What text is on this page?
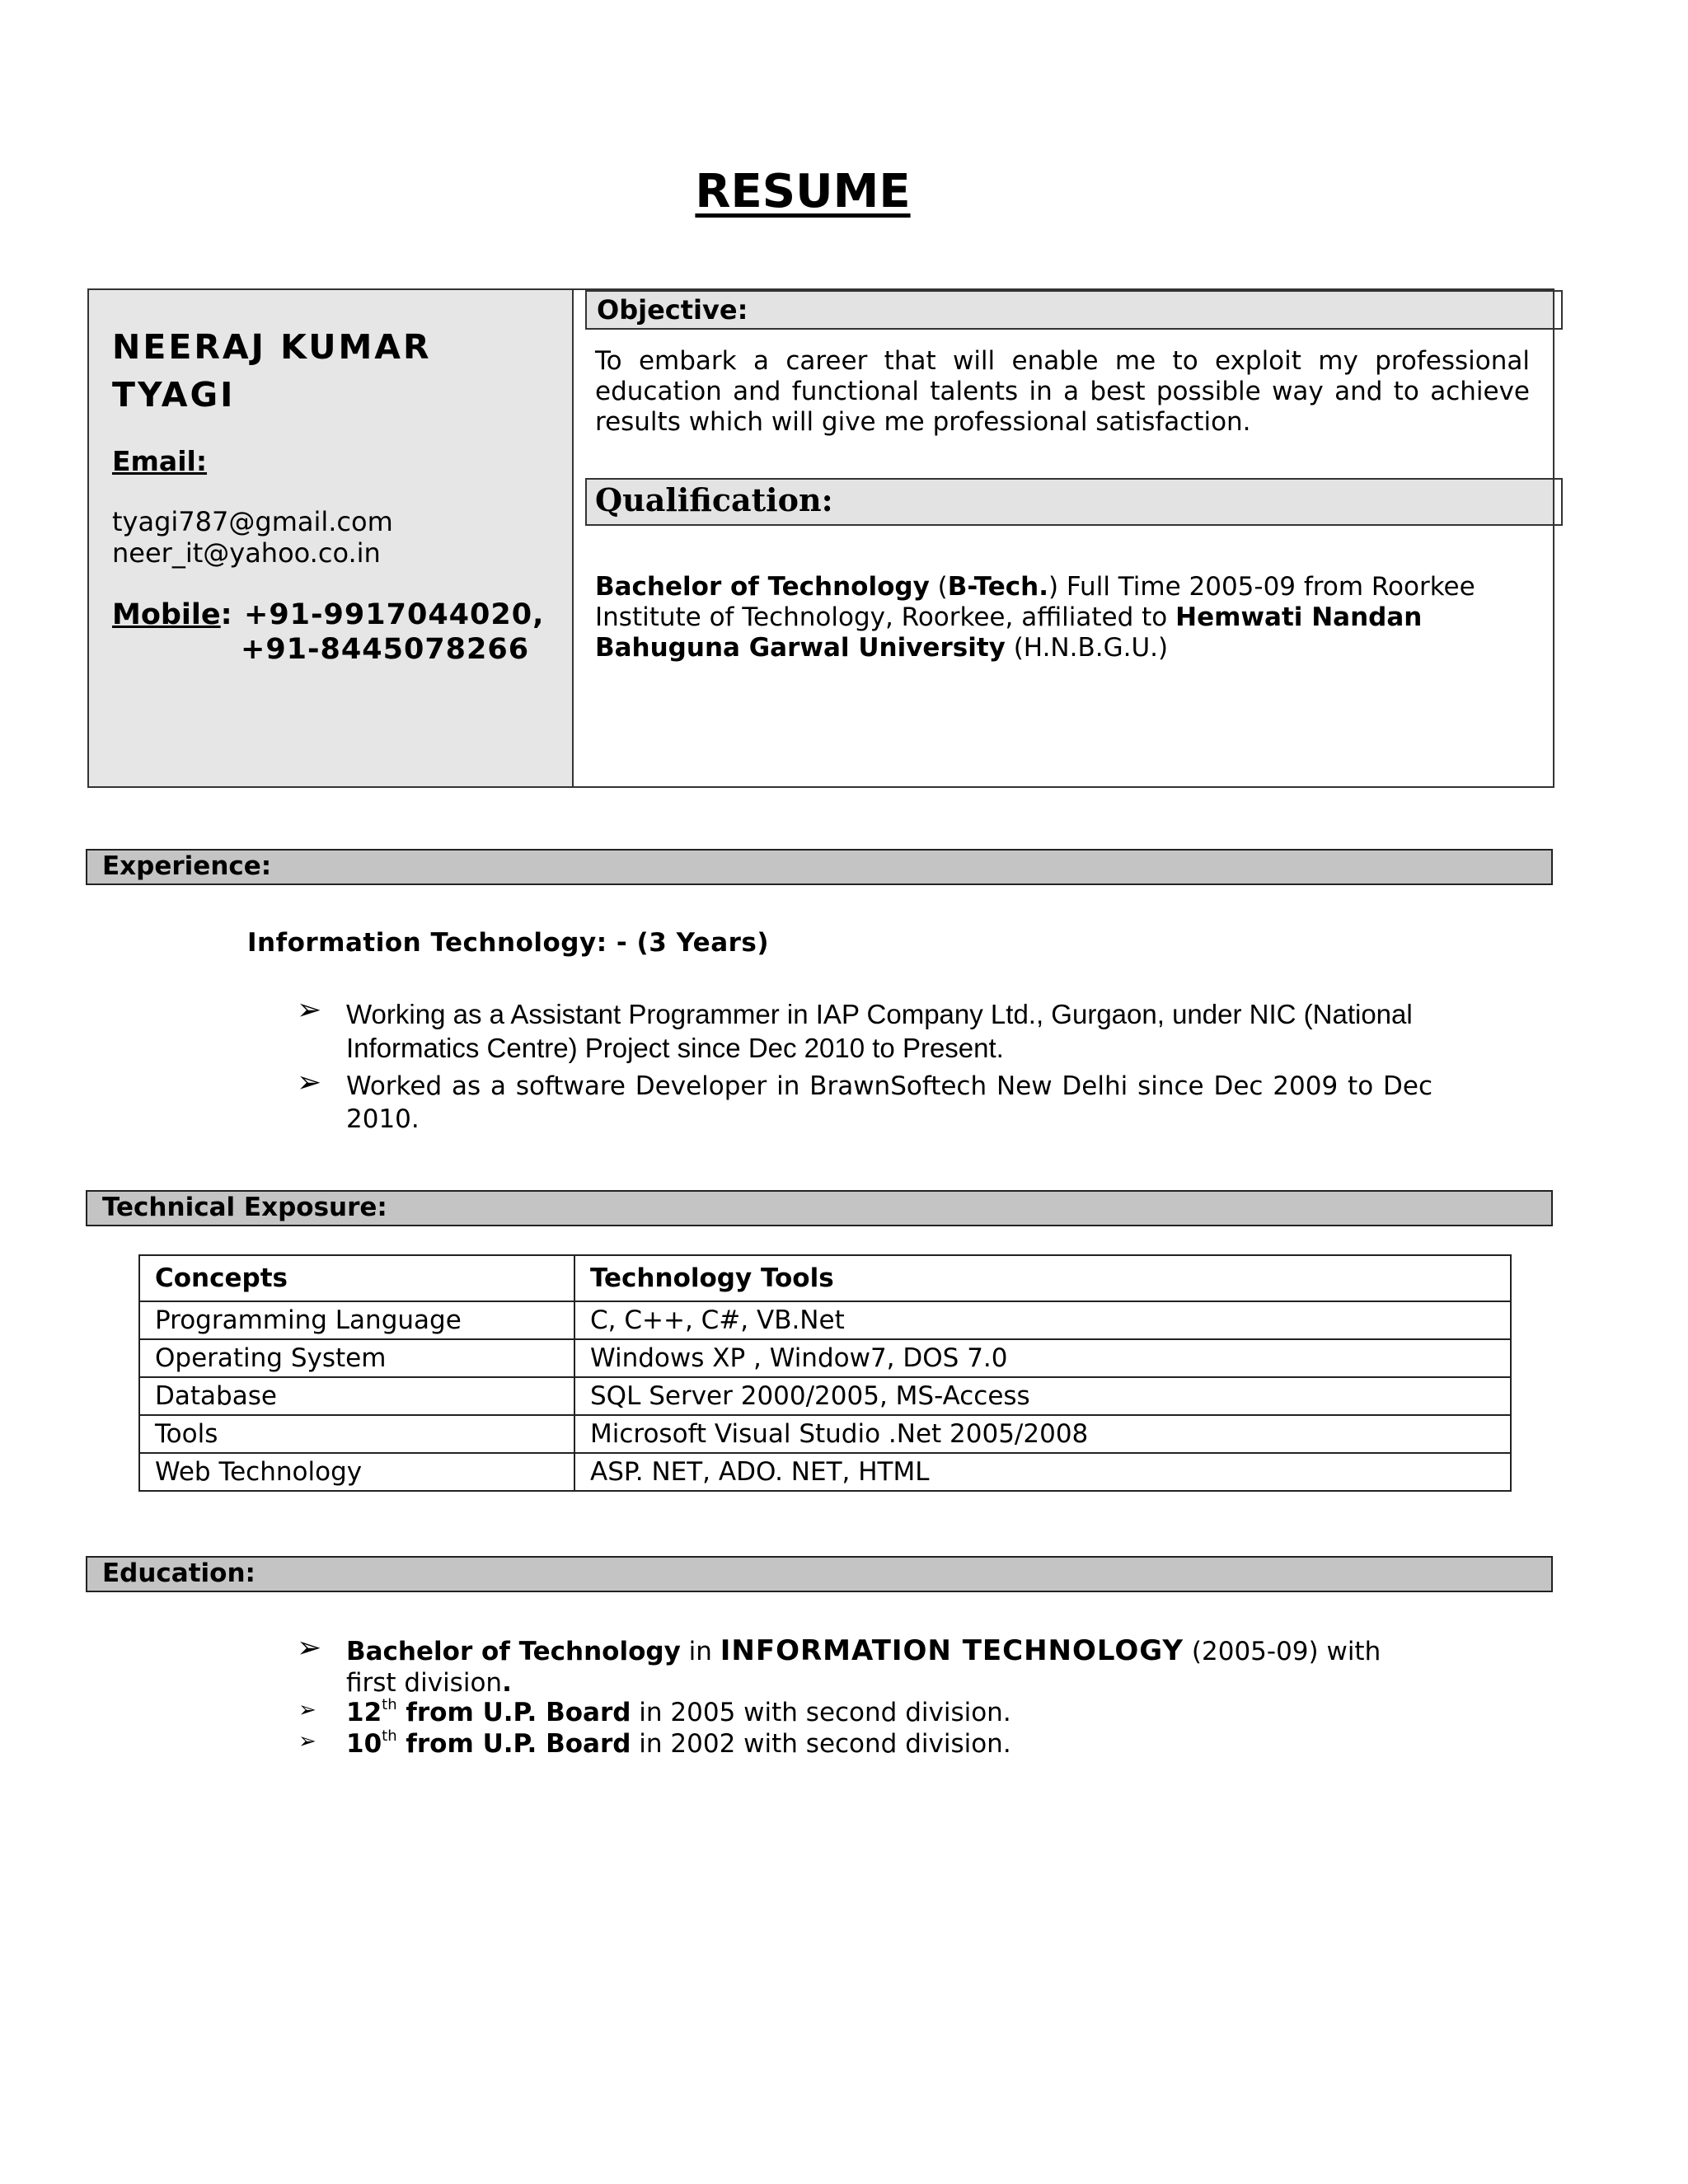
RESUME
NEERAJ KUMAR TYAGI
Email:
tyagi787@gmail.com
neer_it@yahoo.co.in
Mobile: +91-9917044020,
+91-8445078266
Objective:
To embark a career that will enable me to exploit my professional education and functional talents in a best possible way and to achieve results which will give me professional satisfaction.
Qualification:
Bachelor of Technology (B-Tech.) Full Time 2005-09 from Roorkee Institute of Technology, Roorkee, affiliated to Hemwati Nandan Bahuguna Garwal University (H.N.B.G.U.)
Experience:
Information Technology: - (3 Years)
➢ Working as a Assistant Programmer in IAP Company Ltd., Gurgaon, under NIC (National Informatics Centre) Project since Dec 2010 to Present.
➢ Worked as a software Developer in BrawnSoftech New Delhi since Dec 2009 to Dec 2010.
Technical Exposure:
Concepts	Technology Tools
Programming Language	C, C++, C#, VB.Net
Operating System	Windows XP , Window7, DOS 7.0
Database	SQL Server 2000/2005, MS-Access
Tools	Microsoft Visual Studio .Net 2005/2008
Web Technology	ASP. NET, ADO. NET, HTML
Education:
➢ Bachelor of Technology in INFORMATION TECHNOLOGY (2005-09) with first division.
➢ 12th from U.P. Board in 2005 with second division.
➢ 10th from U.P. Board in 2002 with second division.
